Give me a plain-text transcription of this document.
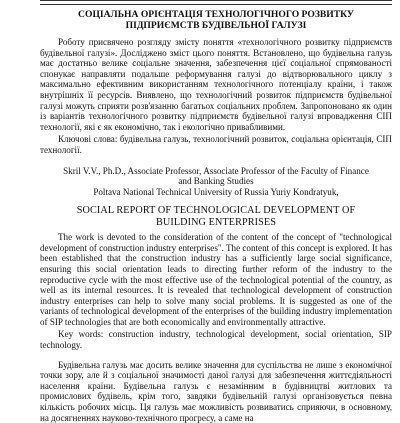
СОЦІАЛЬНА ОРІЄНТАЦІЯ ТЕХНОЛОГІЧНОГО РОЗВИТКУ
ПІДПРИЄМСТВ БУДІВЕЛЬНОЇ ГАЛУЗІ

Роботу присвячено розгляду змісту поняття «технологічного розвитку підприємств будівельної галузі». Досліджено зміст цього поняття. Встановлено, що будівельна галузь має достатньо велике соціальне значення, забезпечення цієї соціальної спрямованості спонукає направляти подальше реформування галузі до відтворювального циклу з максимально ефективним використанням технологічного потенціалу країни, і також внутрішніх її ресурсів. Виявлено, що технологічний розвиток підприємств будівельної галузі можуть сприяти розв'язанню багатьох соціальних проблем. Запропоновано як один із варіантів технологічного розвитку підприємств будівельної галузі впровадження СІП технології, які є як економічно, так і екологічно привабливими.

Ключові слова: будівельна галузь, технологічний розвиток, соціальна орієнтація, СІП технології.

Skril V.V., Ph.D., Associate Professor, Associate Professor of the Faculty of Finance
and Banking Studies
Poltava National Technical University of Russia Yuriy Kondratyuk,
SOCIAL REPORT OF TECHNOLOGICAL DEVELOPMENT OF
BUILDING ENTERPRISES

The work is devoted to the consideration of the content of the concept of "technological development of construction industry enterprises". The content of this concept is explored. It has been established that the construction industry has a sufficiently large social significance, ensuring this social orientation leads to directing further reform of the industry to the reproductive cycle with the most effective use of the technological potential of the country, as well as its internal resources. It is revealed that technological development of construction industry enterprises can help to solve many social problems. It is suggested as one of the variants of technological development of the enterprises of the building industry implementation of SIP technologies that are both economically and environmentally attractive.

Key words: construction industry, technological development, social orientation, SIP technology.

Будівельна галузь має досить велике значення для суспільства не лише з економічної точки зору, але й з соціальної значимості даної галузі для забезпечення життєдіяльності населення країни. Будівельна галузь є незамінним в будівництві житлових та промислових будівель, крім того, завдяки будівельній галузі організовується певна кількість робочих місць. Ця галузь має можливість розвиватись сприяючи, в основному, на досягненнях науково-технічного прогресу, а саме на
